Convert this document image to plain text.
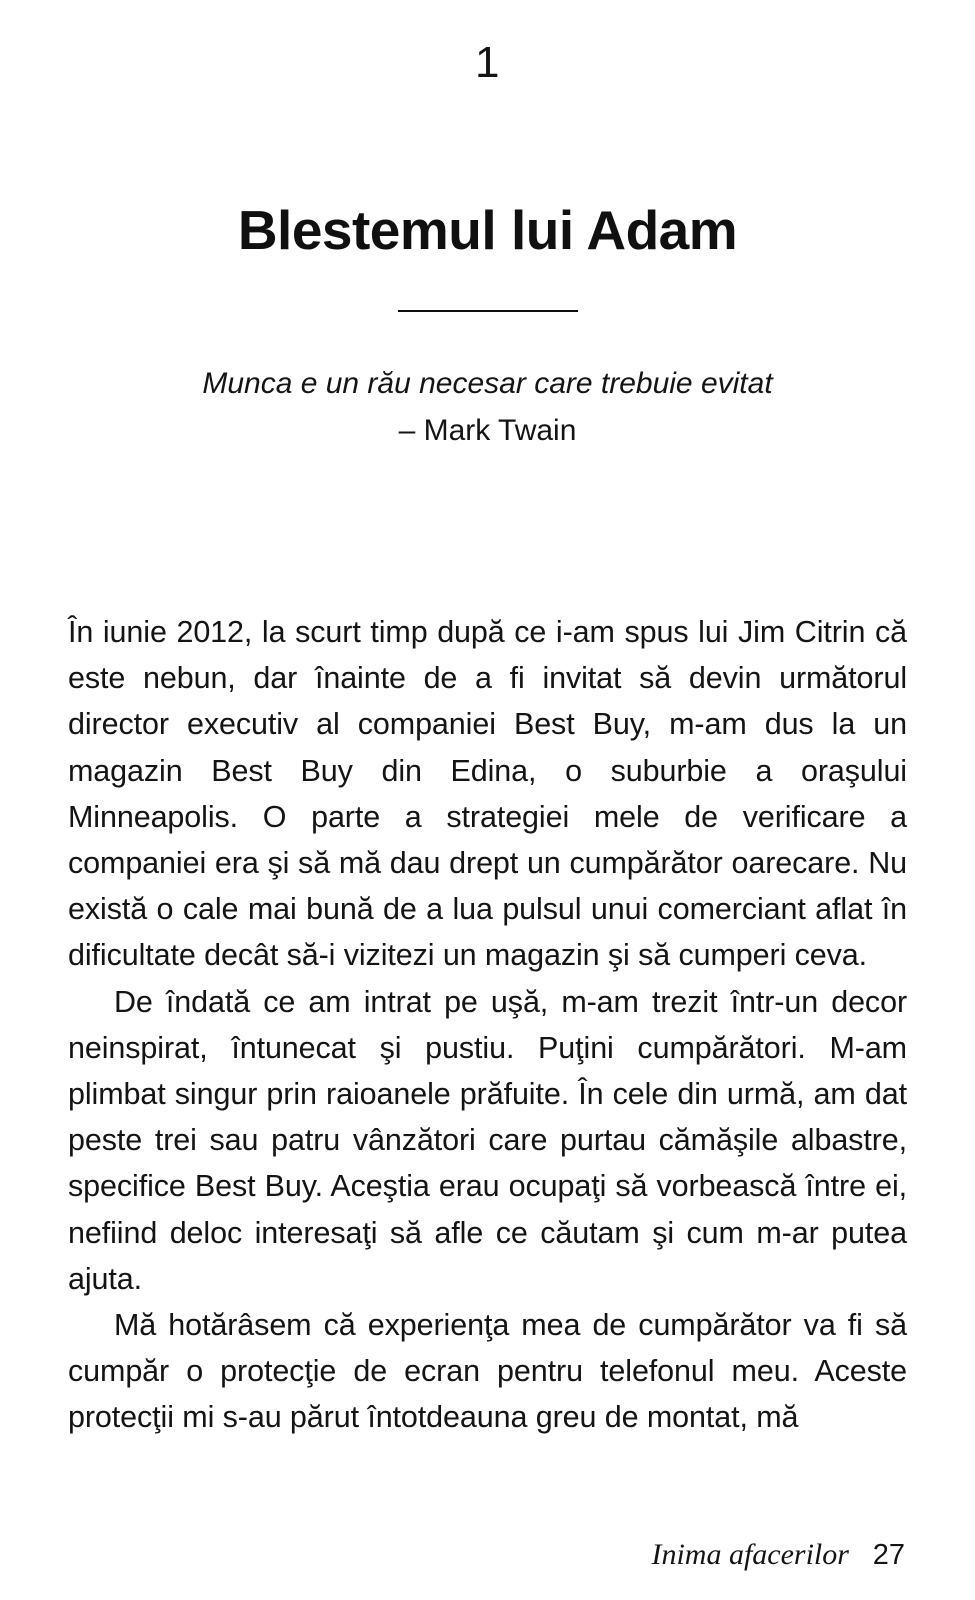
1
Blestemul lui Adam
Munca e un rău necesar care trebuie evitat
– Mark Twain

În iunie 2012, la scurt timp după ce i-am spus lui Jim Citrin că este nebun, dar înainte de a fi invitat să devin următorul director executiv al companiei Best Buy, m-am dus la un magazin Best Buy din Edina, o suburbie a oraşului Minneapolis. O parte a strategiei mele de verificare a companiei era şi să mă dau drept un cumpărător oarecare. Nu există o cale mai bună de a lua pulsul unui comerciant aflat în dificultate decât să-i vizitezi un magazin şi să cumperi ceva.

De îndată ce am intrat pe uşă, m-am trezit într-un decor neinspirat, întunecat şi pustiu. Puţini cumpărători. M-am plimbat singur prin raioanele prăfuite. În cele din urmă, am dat peste trei sau patru vânzători care purtau cămăşile albastre, specifice Best Buy. Aceştia erau ocupaţi să vorbească între ei, nefiind deloc interesaţi să afle ce căutam şi cum m-ar putea ajuta.

Mă hotărâsem că experienţa mea de cumpărător va fi să cumpăr o protecţie de ecran pentru telefonul meu. Aceste protecţii mi s-au părut întotdeauna greu de montat, mă

Inima afacerilor 27
